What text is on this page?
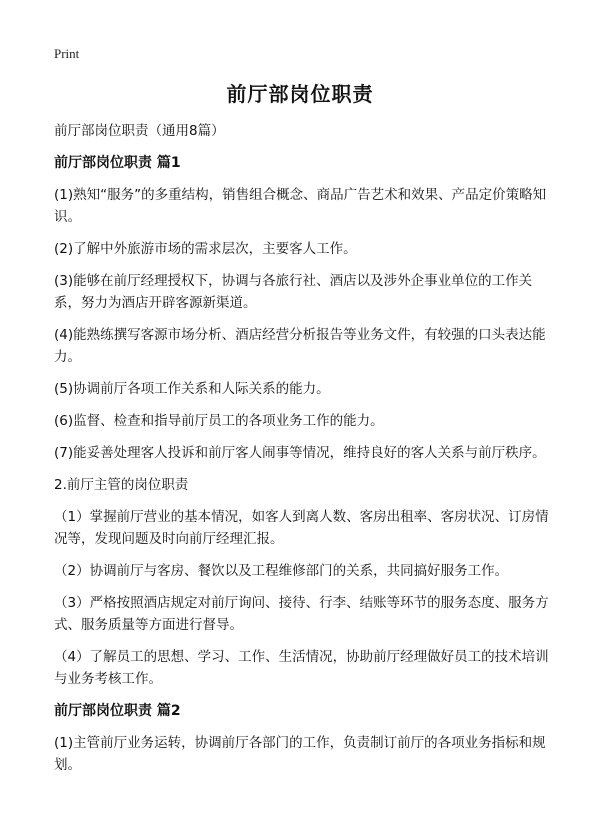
Print
前厅部岗位职责
前厅部岗位职责（通用8篇）
前厅部岗位职责 篇1
(1)熟知“服务”的多重结构，销售组合概念、商品广告艺术和效果、产品定价策略知识。
(2)了解中外旅游市场的需求层次，主要客人工作。
(3)能够在前厅经理授权下，协调与各旅行社、酒店以及涉外企事业单位的工作关系，努力为酒店开辟客源新渠道。
(4)能熟练撰写客源市场分析、酒店经营分析报告等业务文件，有较强的口头表达能力。
(5)协调前厅各项工作关系和人际关系的能力。
(6)监督、检查和指导前厅员工的各项业务工作的能力。
(7)能妥善处理客人投诉和前厅客人闹事等情况，维持良好的客人关系与前厅秩序。
2.前厅主管的岗位职责
（1）掌握前厅营业的基本情况，如客人到离人数、客房出租率、客房状况、订房情况等，发现问题及时向前厅经理汇报。
（2）协调前厅与客房、餐饮以及工程维修部门的关系，共同搞好服务工作。
（3）严格按照酒店规定对前厅询问、接待、行李、结账等环节的服务态度、服务方式、服务质量等方面进行督导。
（4）了解员工的思想、学习、工作、生活情况，协助前厅经理做好员工的技术培训与业务考核工作。
前厅部岗位职责 篇2
(1)主管前厅业务运转，协调前厅各部门的工作，负责制订前厅的各项业务指标和规划。
